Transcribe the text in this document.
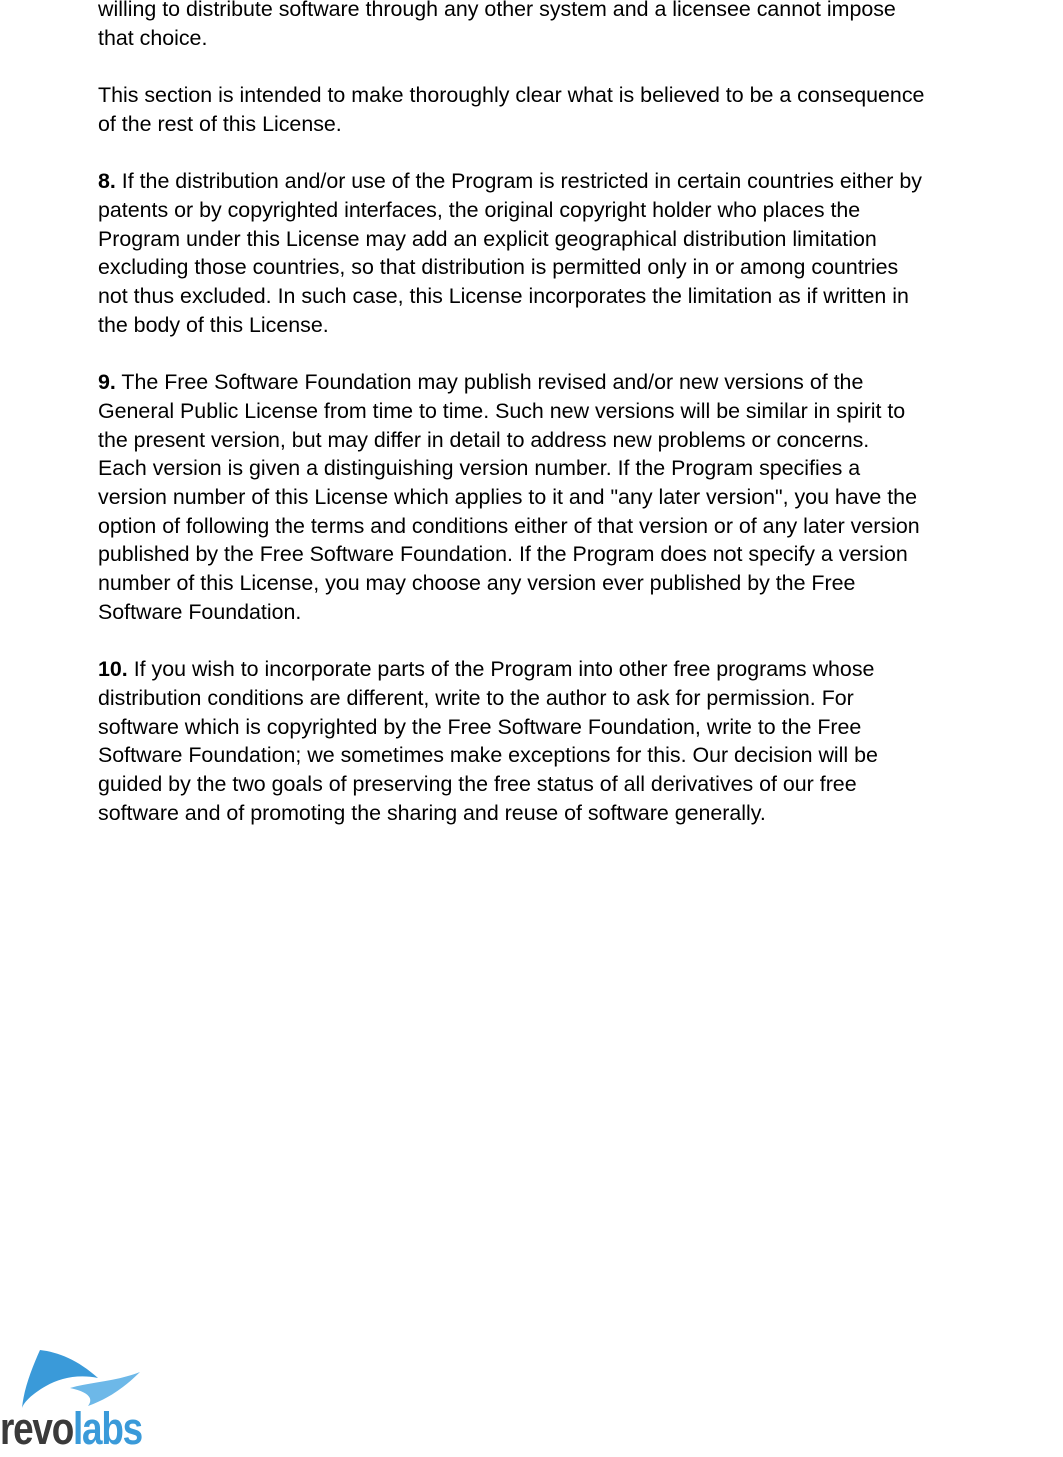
willing to distribute software through any other system and a licensee cannot impose
that choice.

This section is intended to make thoroughly clear what is believed to be a consequence
of the rest of this License.

8. If the distribution and/or use of the Program is restricted in certain countries either by
patents or by copyrighted interfaces, the original copyright holder who places the
Program under this License may add an explicit geographical distribution limitation
excluding those countries, so that distribution is permitted only in or among countries
not thus excluded. In such case, this License incorporates the limitation as if written in
the body of this License.

9. The Free Software Foundation may publish revised and/or new versions of the
General Public License from time to time. Such new versions will be similar in spirit to
the present version, but may differ in detail to address new problems or concerns.
Each version is given a distinguishing version number. If the Program specifies a
version number of this License which applies to it and "any later version", you have the
option of following the terms and conditions either of that version or of any later version
published by the Free Software Foundation. If the Program does not specify a version
number of this License, you may choose any version ever published by the Free
Software Foundation.

10. If you wish to incorporate parts of the Program into other free programs whose
distribution conditions are different, write to the author to ask for permission. For
software which is copyrighted by the Free Software Foundation, write to the Free
Software Foundation; we sometimes make exceptions for this. Our decision will be
guided by the two goals of preserving the free status of all derivatives of our free
software and of promoting the sharing and reuse of software generally.

revolabs
